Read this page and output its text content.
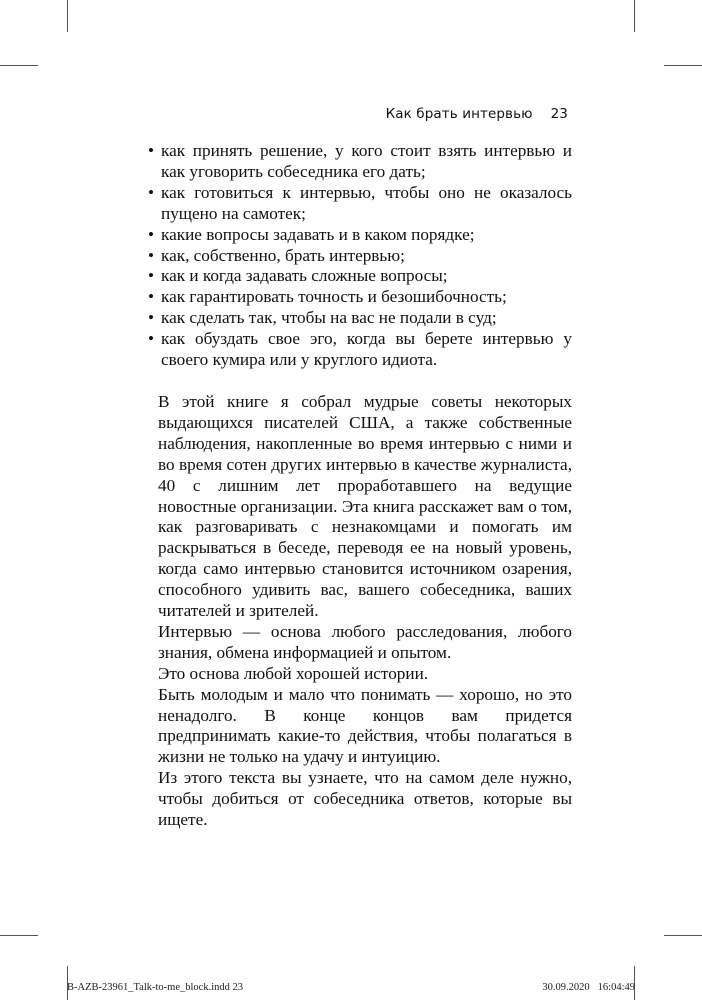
Как брать интервью 23
• как принять решение, у кого стоит взять интервью и как уговорить собеседника его дать;
• как готовиться к интервью, чтобы оно не оказалось пущено на самотек;
• какие вопросы задавать и в каком порядке;
• как, собственно, брать интервью;
• как и когда задавать сложные вопросы;
• как гарантировать точность и безошибочность;
• как сделать так, чтобы на вас не подали в суд;
• как обуздать свое эго, когда вы берете интервью у своего кумира или у круглого идиота.

В этой книге я собрал мудрые советы некоторых выдающихся писателей США, а также собственные наблюдения, накопленные во время интервью с ними и во время сотен других интервью в качестве журналиста, 40 с лишним лет проработавшего на ведущие новостные организации. Эта книга расскажет вам о том, как разговаривать с незнакомцами и помогать им раскрываться в беседе, переводя ее на новый уровень, когда само интервью становится источником озарения, способного удивить вас, вашего собеседника, ваших читателей и зрителей.

Интервью — основа любого расследования, любого знания, обмена информацией и опытом.

Это основа любой хорошей истории.

Быть молодым и мало что понимать — хорошо, но это ненадолго. В конце концов вам придется предпринимать какие-то действия, чтобы полагаться в жизни не только на удачу и интуицию.

Из этого текста вы узнаете, что на самом деле нужно, чтобы добиться от собеседника ответов, которые вы ищете.

B-AZB-23961_Talk-to-me_block.indd 23	30.09.2020 16:04:49
